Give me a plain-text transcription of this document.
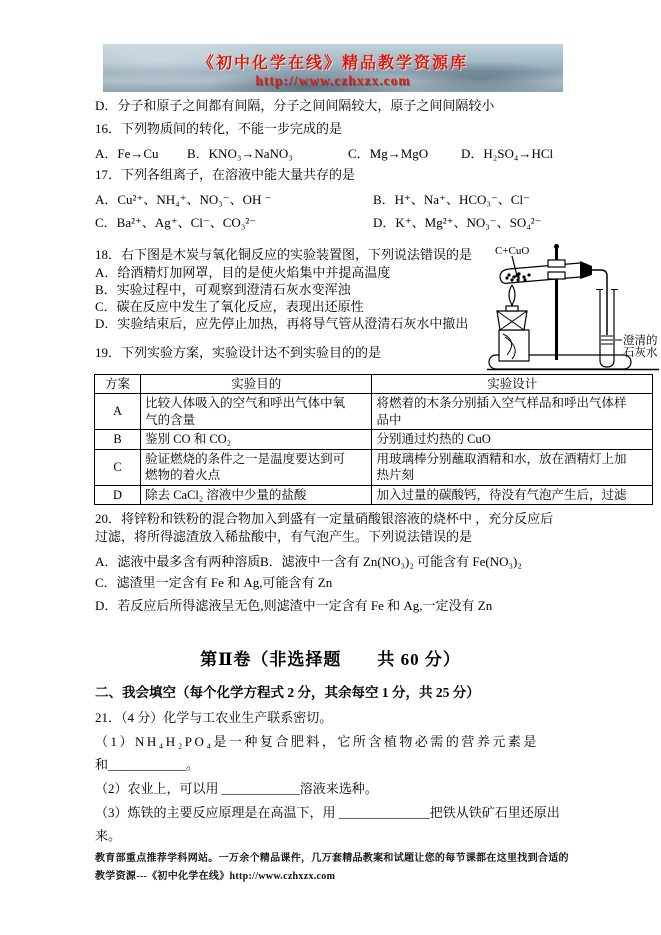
《初中化学在线》精品教学资源库
http://www.czhxzx.com
D．分子和原子之间都有间隔，分子之间间隔较大，原子之间间隔较小
16．下列物质间的转化，不能一步完成的是
A．Fe→Cu B．KNO₃→NaNO₃	C．Mg→MgO	D．H₂SO₄→HCl
17．下列各组离子，在溶液中能大量共存的是
A．Cu²⁺、NH₄⁺、NO₃⁻、OH ⁻	B．H⁺、Na⁺、HCO₃⁻、Cl⁻
C．Ba²⁺、Ag⁺、Cl⁻、CO₃²⁻	D．K⁺、Mg²⁺、NO₃⁻、SO₄²⁻
18．右下图是木炭与氧化铜反应的实验装置图，下列说法错误的是
A．给酒精灯加网罩，目的是使火焰集中并提高温度
B．实验过程中，可观察到澄清石灰水变浑浊
C．碳在反应中发生了氧化反应，表现出还原性
D．实验结束后，应先停止加热，再将导气管从澄清石灰水中撤出
C+CuO
澄清的
石灰水
19．下列实验方案，实验设计达不到实验目的的是
方案	实验目的	实验设计
A	比较人体吸入的空气和呼出气体中氧气的含量	将燃着的木条分别插入空气样品和呼出气体样品中
B	鉴别 CO 和 CO₂	分别通过灼热的 CuO
C	验证燃烧的条件之一是温度要达到可燃物的着火点	用玻璃棒分别蘸取酒精和水，放在酒精灯上加热片刻
D	除去 CaCl₂ 溶液中少量的盐酸	加入过量的碳酸钙，待没有气泡产生后，过滤
20．将锌粉和铁粉的混合物加入到盛有一定量硝酸银溶液的烧杯中 ，充分反应后
过滤，将所得滤渣放入稀盐酸中，有气泡产生。下列说法错误的是
A．滤液中最多含有两种溶质 B．滤液中一含有 Zn(NO₃)₂ 可能含有 Fe(NO₃)₂
C．滤渣里一定含有 Fe 和 Ag,可能含有 Zn
D．若反应后所得滤液呈无色,则滤渣中一定含有 Fe 和 Ag,一定没有 Zn
第Ⅱ卷（非选择题　　共 60 分）
二、我会填空（每个化学方程式 2 分，其余每空 1 分，共 25 分）
21．（4 分）化学与工农业生产联系密切。
（1）NH₄H₂PO₄是一种复合肥料，它所含植物必需的营养元素是
和____________。
（2）农业上，可以用 ____________溶液来选种。
（3）炼铁的主要反应原理是在高温下，用 ______________把铁从铁矿石里还原出
来。
教育部重点推荐学科网站。一万余个精品课件，几万套精品教案和试题让您的每节课都在这里找到合适的
教学资源---《初中化学在线》http://www.czhxzx.com
